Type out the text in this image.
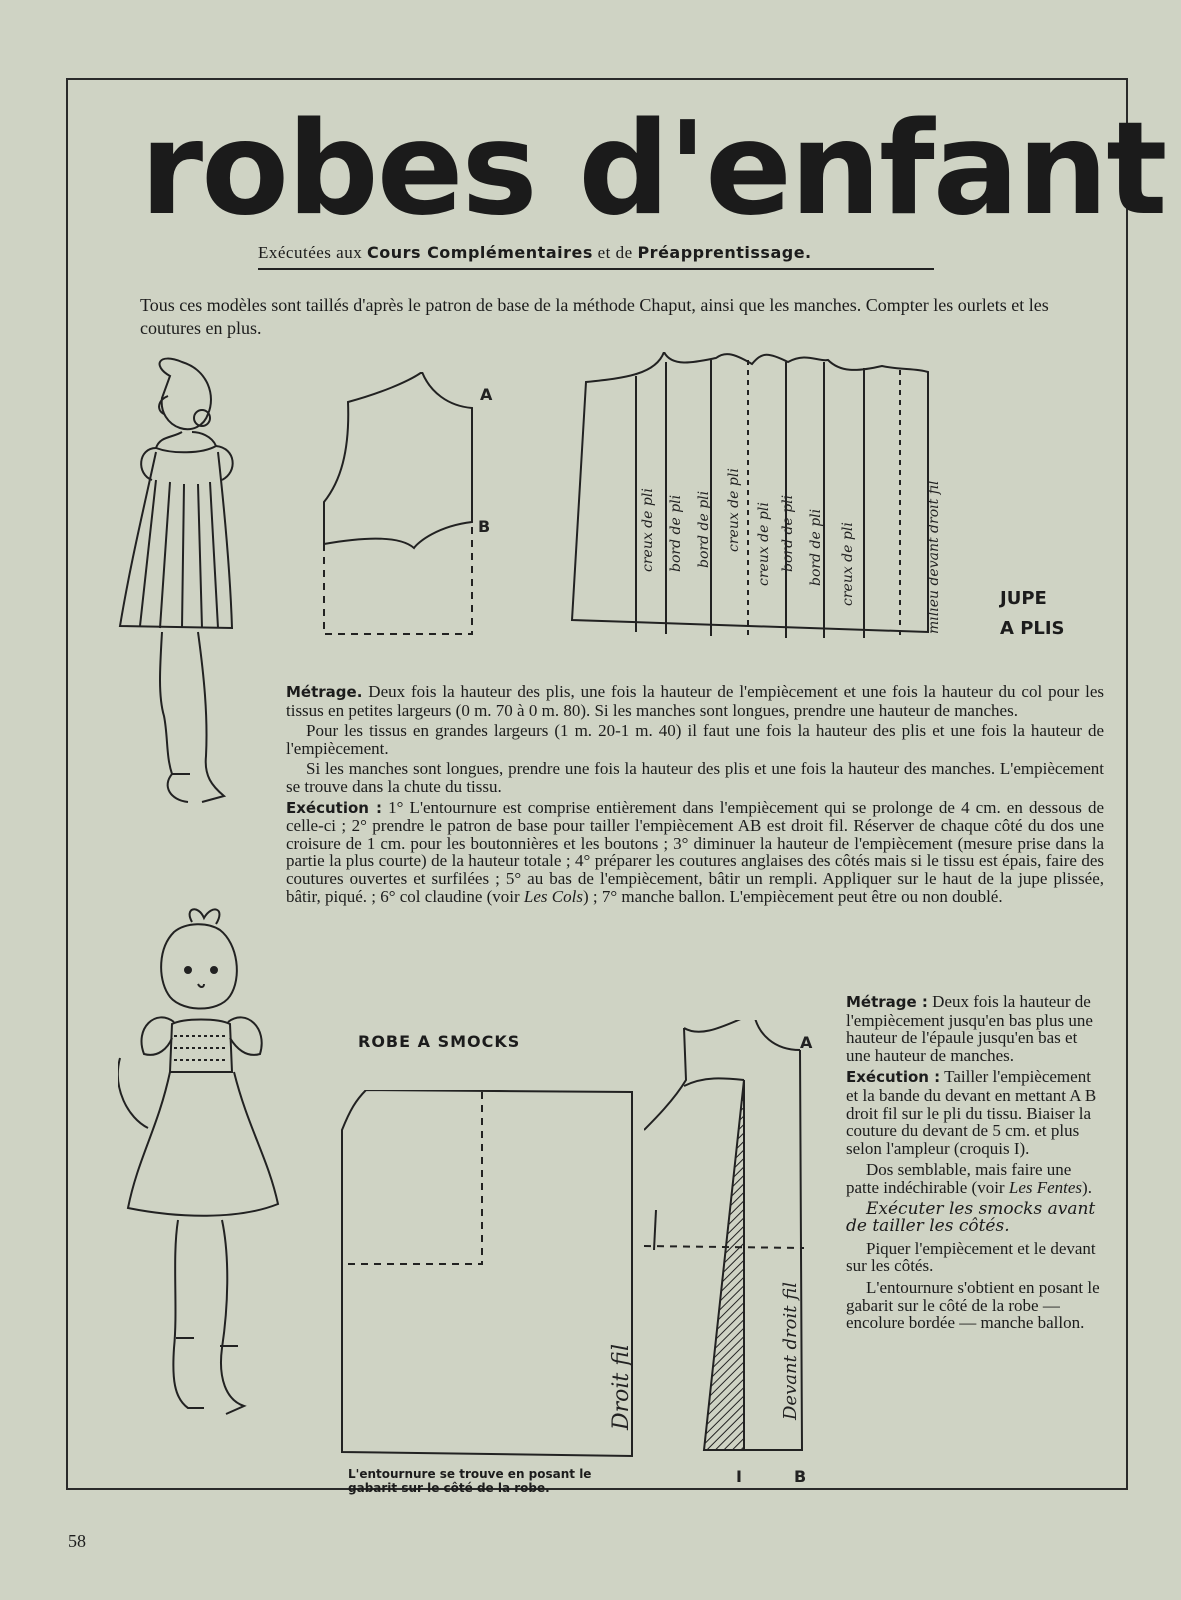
robes d'enfant
Exécutées aux Cours Complémentaires et de Préapprentissage.
Tous ces modèles sont taillés d'après le patron de base de la méthode Chaput, ainsi que les manches. Compter les ourlets et les coutures en plus.
A
B	creux de pli bord de pli bord de pli creux de pli creux de pli bord de pli bord de pli creux de pli	milieu devant droit fil	JUPE
A PLIS

Métrage. Deux fois la hauteur des plis, une fois la hauteur de l'empiècement et une fois la hauteur du col pour les tissus en petites largeurs (0 m. 70 à 0 m. 80). Si les manches sont longues, prendre une hauteur de manches.

Pour les tissus en grandes largeurs (1 m. 20-1 m. 40) il faut une fois la hauteur des plis et une fois la hauteur de l'empiècement.

Si les manches sont longues, prendre une fois la hauteur des plis et une fois la hauteur des manches. L'empiècement se trouve dans la chute du tissu.

Exécution : 1° L'entournure est comprise entièrement dans l'empiècement qui se prolonge de 4 cm. en dessous de celle-ci ; 2° prendre le patron de base pour tailler l'empiècement AB est droit fil. Réserver de chaque côté du dos une croisure de 1 cm. pour les boutonnières et les boutons ; 3° diminuer la hauteur de l'empiècement (mesure prise dans la partie la plus courte) de la hauteur totale ; 4° préparer les coutures anglaises des côtés mais si le tissu est épais, faire des coutures ouvertes et surfilées ; 5° au bas de l'empiècement, bâtir un rempli. Appliquer sur le haut de la jupe plissée, bâtir, piqué. ; 6° col claudine (voir Les Cols) ; 7° manche ballon. L'empiècement peut être ou non doublé.

ROBE A SMOCKS
Droit fil
A
B
I
Devant droit fil

Métrage : Deux fois la hauteur de l'empiècement jusqu'en bas plus une hauteur de l'épaule jusqu'en bas et une hauteur de manches.

Exécution : Tailler l'empiècement et la bande du devant en mettant A B droit fil sur le pli du tissu. Biaiser la couture du devant de 5 cm. et plus selon l'ampleur (croquis I).

Dos semblable, mais faire une patte indéchirable (voir Les Fentes).

Exécuter les smocks avant de tailler les côtés.

Piquer l'empiècement et le devant sur les côtés.

L'entournure s'obtient en posant le gabarit sur le côté de la robe — encolure bordée — manche ballon.

L'entournure se trouve en posant le gabarit sur le côté de la robe.
58
